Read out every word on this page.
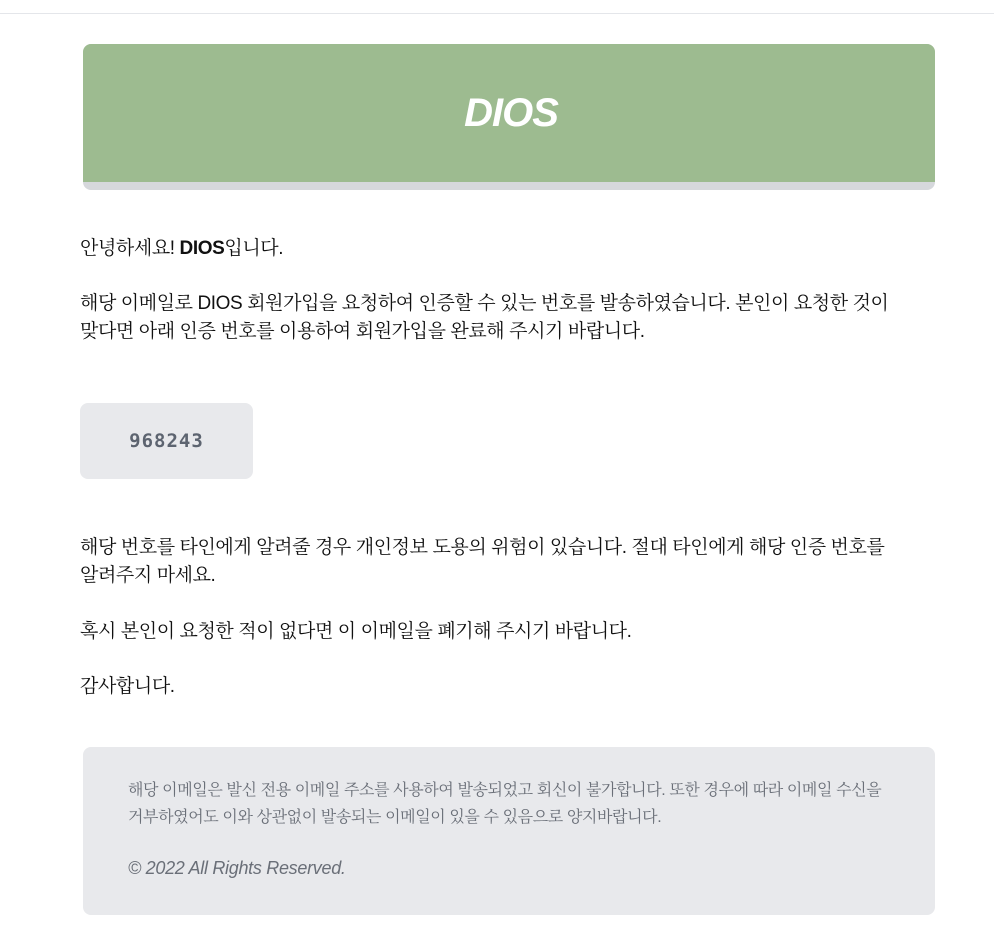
DIOS

안녕하세요! DIOS입니다.

해당 이메일로 DIOS 회원가입을 요청하여 인증할 수 있는 번호를 발송하였습니다. 본인이 요청한 것이 맞다면 아래 인증 번호를 이용하여 회원가입을 완료해 주시기 바랍니다.

968243

해당 번호를 타인에게 알려줄 경우 개인정보 도용의 위험이 있습니다. 절대 타인에게 해당 인증 번호를 알려주지 마세요.

혹시 본인이 요청한 적이 없다면 이 이메일을 폐기해 주시기 바랍니다.

감사합니다.

해당 이메일은 발신 전용 이메일 주소를 사용하여 발송되었고 회신이 불가합니다. 또한 경우에 따라 이메일 수신을 거부하였어도 이와 상관없이 발송되는 이메일이 있을 수 있음으로 양지바랍니다.

© 2022 All Rights Reserved.
